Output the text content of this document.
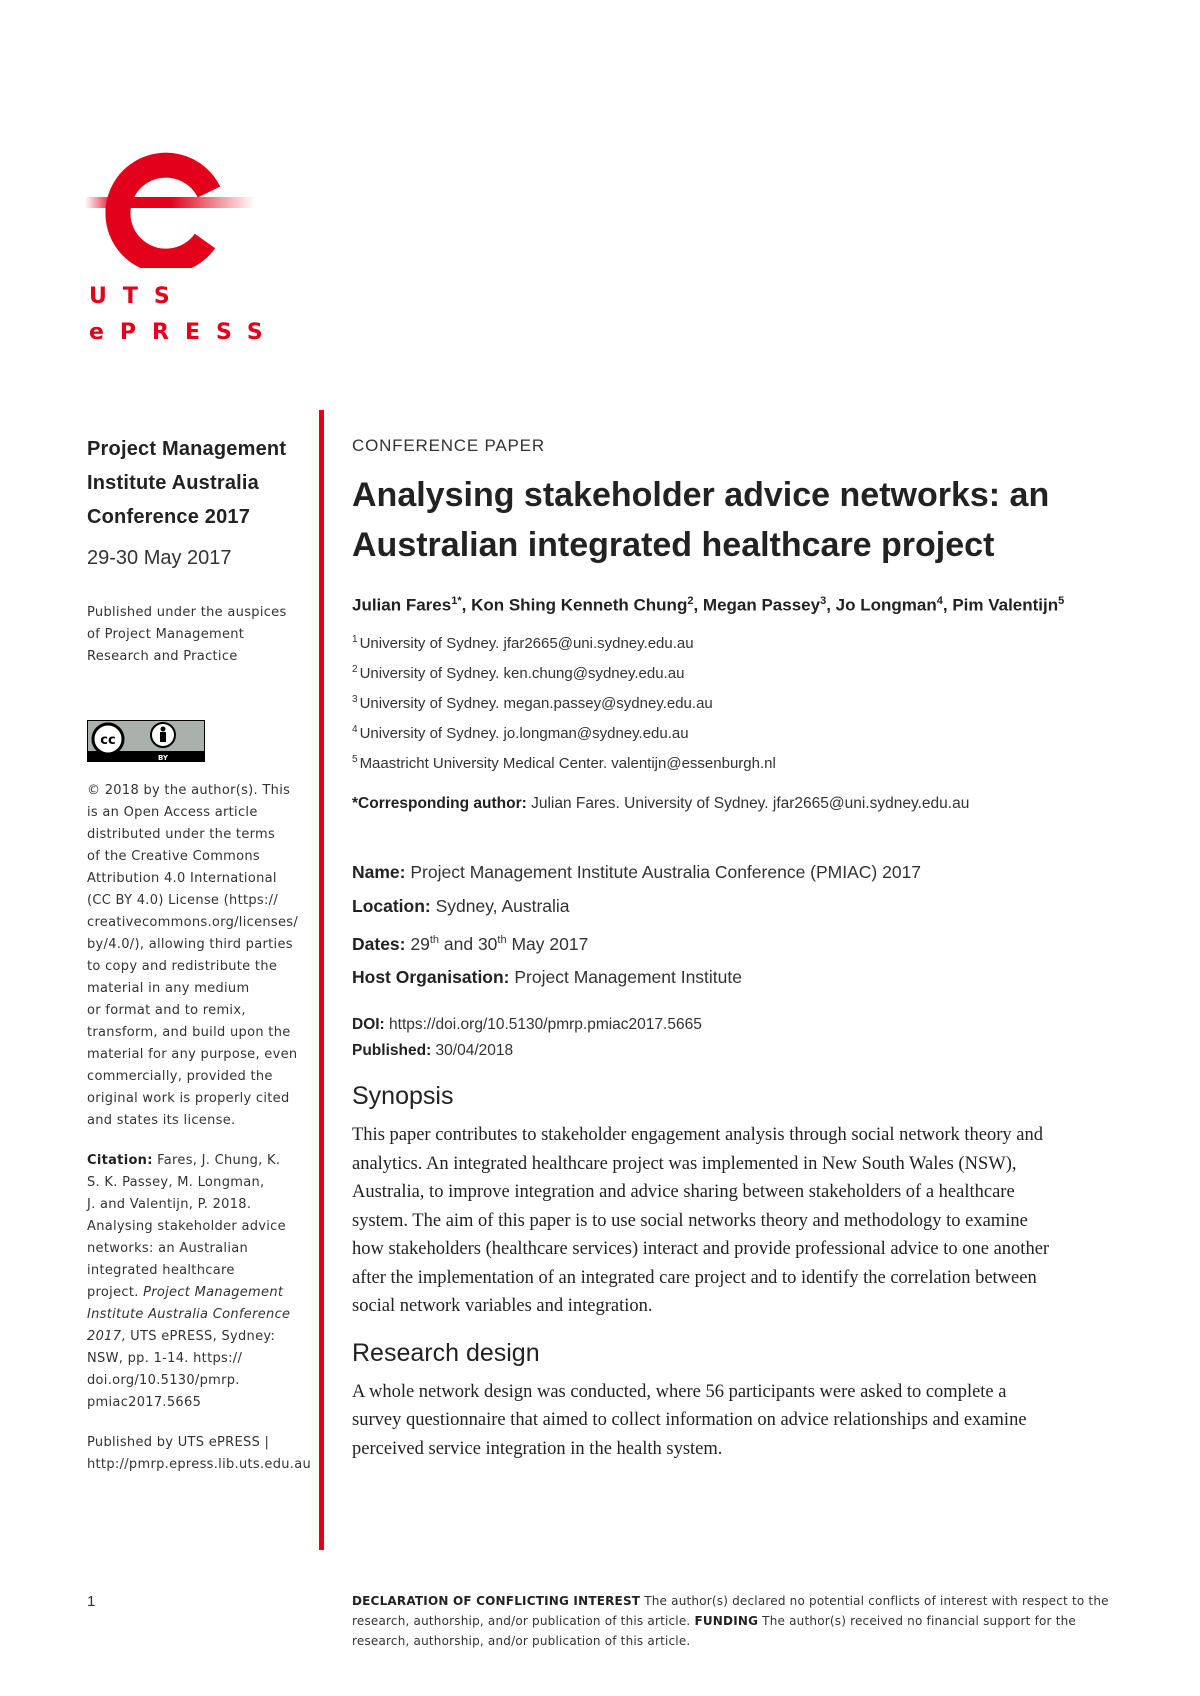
UTS
ePRESS
Project Management
Institute Australia
Conference 2017
29-30 May 2017
Published under the auspices
of Project Management
Research and Practice
cc
BY
© 2018 by the author(s). This
is an Open Access article
distributed under the terms
of the Creative Commons
Attribution 4.0 International
(CC BY 4.0) License (https://
creativecommons.org/licenses/
by/4.0/), allowing third parties
to copy and redistribute the
material in any medium
or format and to remix,
transform, and build upon the
material for any purpose, even
commercially, provided the
original work is properly cited
and states its license.
Citation: Fares, J. Chung, K.
S. K. Passey, M. Longman,
J. and Valentijn, P. 2018.
Analysing stakeholder advice
networks: an Australian
integrated healthcare
project. Project Management
Institute Australia Conference
2017, UTS ePRESS, Sydney:
NSW, pp. 1-14. https://
doi.org/10.5130/pmrp.
pmiac2017.5665
Published by UTS ePRESS |
http://pmrp.epress.lib.uts.edu.au
CONFERENCE PAPER
Analysing stakeholder advice networks: an
Australian integrated healthcare project
Julian Fares$^{1*}$, Kon Shing Kenneth Chung$^2$, Megan Passey$^3$, Jo Longman$^4$, Pim Valentijn$^5$
$^1$ University of Sydney. jfar2665@uni.sydney.edu.au
$^2$ University of Sydney. ken.chung@sydney.edu.au
$^3$ University of Sydney. megan.passey@sydney.edu.au
$^4$ University of Sydney. jo.longman@sydney.edu.au
$^5$ Maastricht University Medical Center. valentijn@essenburgh.nl
*Corresponding author: Julian Fares. University of Sydney. jfar2665@uni.sydney.edu.au
Name: Project Management Institute Australia Conference (PMIAC) 2017
Location: Sydney, Australia
Dates: 29th and 30th May 2017
Host Organisation: Project Management Institute
DOI: https://doi.org/10.5130/pmrp.pmiac2017.5665
Published: 30/04/2018
Synopsis
This paper contributes to stakeholder engagement analysis through social network theory and
analytics. An integrated healthcare project was implemented in New South Wales (NSW),
Australia, to improve integration and advice sharing between stakeholders of a healthcare
system. The aim of this paper is to use social networks theory and methodology to examine
how stakeholders (healthcare services) interact and provide professional advice to one another
after the implementation of an integrated care project and to identify the correlation between
social network variables and integration.
Research design
A whole network design was conducted, where 56 participants were asked to complete a
survey questionnaire that aimed to collect information on advice relationships and examine
perceived service integration in the health system.
1	DECLARATION OF CONFLICTING INTEREST The author(s) declared no potential conflicts of interest with respect to the research, authorship, and/or publication of this article. FUNDING The author(s) received no financial support for the research, authorship, and/or publication of this article.
